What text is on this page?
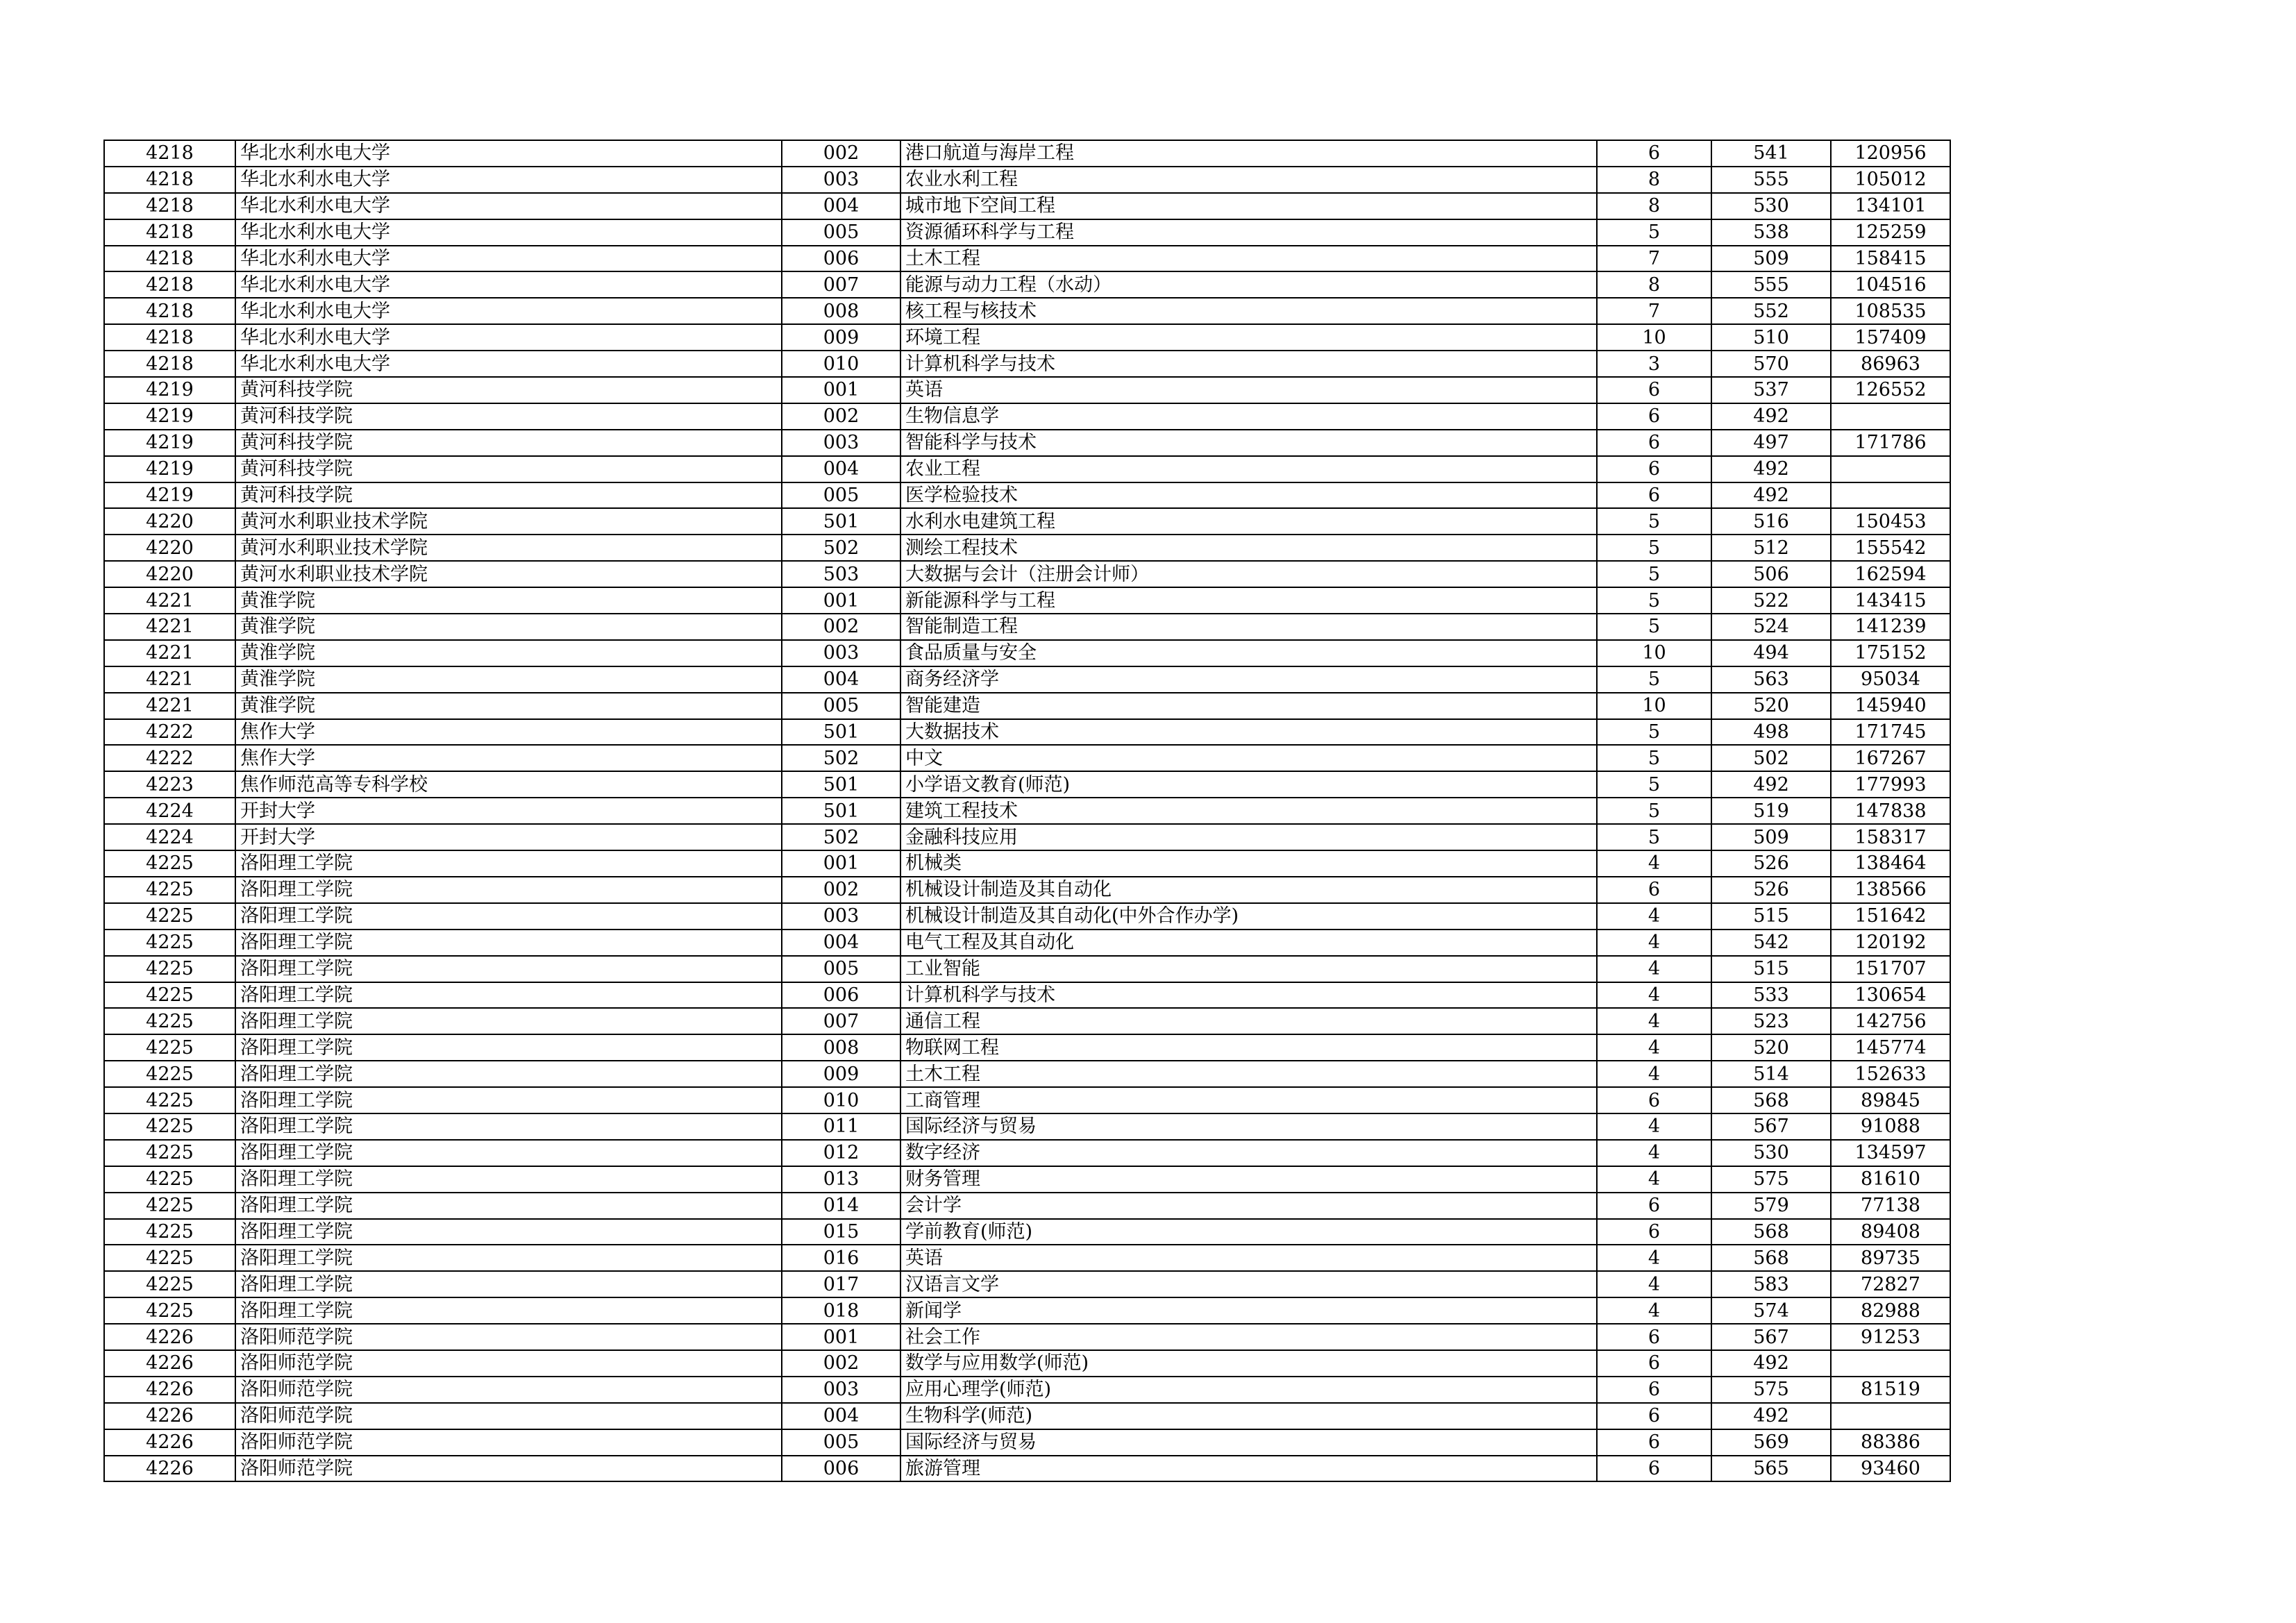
4218	华北水利水电大学	002	港口航道与海岸工程	6	541	120956
4218	华北水利水电大学	003	农业水利工程	8	555	105012
4218	华北水利水电大学	004	城市地下空间工程	8	530	134101
4218	华北水利水电大学	005	资源循环科学与工程	5	538	125259
4218	华北水利水电大学	006	土木工程	7	509	158415
4218	华北水利水电大学	007	能源与动力工程（水动）	8	555	104516
4218	华北水利水电大学	008	核工程与核技术	7	552	108535
4218	华北水利水电大学	009	环境工程	10	510	157409
4218	华北水利水电大学	010	计算机科学与技术	3	570	86963
4219	黄河科技学院	001	英语	6	537	126552
4219	黄河科技学院	002	生物信息学	6	492	
4219	黄河科技学院	003	智能科学与技术	6	497	171786
4219	黄河科技学院	004	农业工程	6	492	
4219	黄河科技学院	005	医学检验技术	6	492	
4220	黄河水利职业技术学院	501	水利水电建筑工程	5	516	150453
4220	黄河水利职业技术学院	502	测绘工程技术	5	512	155542
4220	黄河水利职业技术学院	503	大数据与会计（注册会计师）	5	506	162594
4221	黄淮学院	001	新能源科学与工程	5	522	143415
4221	黄淮学院	002	智能制造工程	5	524	141239
4221	黄淮学院	003	食品质量与安全	10	494	175152
4221	黄淮学院	004	商务经济学	5	563	95034
4221	黄淮学院	005	智能建造	10	520	145940
4222	焦作大学	501	大数据技术	5	498	171745
4222	焦作大学	502	中文	5	502	167267
4223	焦作师范高等专科学校	501	小学语文教育(师范)	5	492	177993
4224	开封大学	501	建筑工程技术	5	519	147838
4224	开封大学	502	金融科技应用	5	509	158317
4225	洛阳理工学院	001	机械类	4	526	138464
4225	洛阳理工学院	002	机械设计制造及其自动化	6	526	138566
4225	洛阳理工学院	003	机械设计制造及其自动化(中外合作办学)	4	515	151642
4225	洛阳理工学院	004	电气工程及其自动化	4	542	120192
4225	洛阳理工学院	005	工业智能	4	515	151707
4225	洛阳理工学院	006	计算机科学与技术	4	533	130654
4225	洛阳理工学院	007	通信工程	4	523	142756
4225	洛阳理工学院	008	物联网工程	4	520	145774
4225	洛阳理工学院	009	土木工程	4	514	152633
4225	洛阳理工学院	010	工商管理	6	568	89845
4225	洛阳理工学院	011	国际经济与贸易	4	567	91088
4225	洛阳理工学院	012	数字经济	4	530	134597
4225	洛阳理工学院	013	财务管理	4	575	81610
4225	洛阳理工学院	014	会计学	6	579	77138
4225	洛阳理工学院	015	学前教育(师范)	6	568	89408
4225	洛阳理工学院	016	英语	4	568	89735
4225	洛阳理工学院	017	汉语言文学	4	583	72827
4225	洛阳理工学院	018	新闻学	4	574	82988
4226	洛阳师范学院	001	社会工作	6	567	91253
4226	洛阳师范学院	002	数学与应用数学(师范)	6	492	
4226	洛阳师范学院	003	应用心理学(师范)	6	575	81519
4226	洛阳师范学院	004	生物科学(师范)	6	492	
4226	洛阳师范学院	005	国际经济与贸易	6	569	88386
4226	洛阳师范学院	006	旅游管理	6	565	93460
